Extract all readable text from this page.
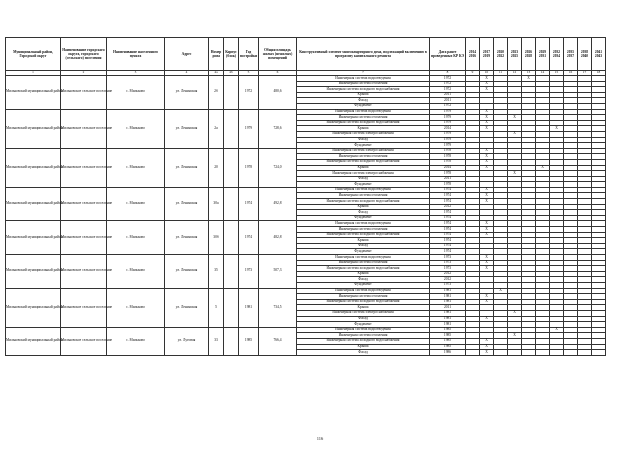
Муниципальный район, Городской округ	Наименование городского округа, городского (сельского) поселения	Наименование населенного пункта	Адрес	Номер дома	Корпус (блок)	Год постройки	Общая площадь жилых (нежилых) помещений	Конструктивный элемент многоквартирного дома, подлежащий включению в программу капитального ремонта	Дата ранее проведенных КР КЭ	2014 2016	2017 2019	2020 2022	2023 2025	2026 2028	2029 2031	2032 2034	2035 2037	2038 2040	2041 2043
1	2	3	4	4а	4б	5	6	7	8	9	10	11	12	13	14	15	16	17	18
Мильковский муниципальный район	Мильковское сельское поселение	с. Мильково	ул. Ленинская	2б		1972	480,6	Инженерная система водоотведения	1972		X			X					
								Инженерная система отопления	1972		X								
								Инженерная система холодного водоснабжения	1972		X								
								Крыша	2011										
								Фасад	2011										
								Фундамент	1972										
Мильковский муниципальный район	Мильковское сельское поселение	с. Мильково	ул. Ленинская	2а		1979	728,6	Инженерная система водоотведения	1979		X								
								Инженерная система отопления	1979		X		X						
								Инженерная система холодного водоснабжения	1979		X								
								Крыша	2014		X					X			
								Инженерная система электроснабжения	1979				X						
								Фасад	1979										
								Фундамент	1979										
Мильковский муниципальный район	Мильковское сельское поселение	с. Мильково	ул. Ленинская	20		1978	724,0	Инженерная система электроснабжения	1978		X								
								Инженерная система отопления	1978		X								
								Инженерная система холодного водоснабжения	1978		X								
								Крыша	2014		X				X				
								Инженерная система электроснабжения	1978				X						
								Фасад	2011										
								Фундамент	1978										
Мильковский муниципальный район	Мильковское сельское поселение	с. Мильково	ул. Ленинская	30а		1974	492,8	Инженерная система водоотведения	1974		X								
								Инженерная система отопления	1974		X								
								Инженерная система холодного водоснабжения	1974		X								
								Крыша	2012										
								Фасад	1974										
								Фундамент	1974										
Мильковский муниципальный район	Мильковское сельское поселение	с. Мильково	ул. Ленинская	30б		1974	482,8	Инженерная система водоотведения	1974		X								
								Инженерная система отопления	1974		X								
								Инженерная система холодного водоснабжения	1974		X								
								Крыша	1974										
								Фасад	1974										
								Фундамент	1974										
Мильковский муниципальный район	Мильковское сельское поселение	с. Мильково	ул. Ленинская	35		1973	507,3	Инженерная система водоотведения	1973		X								
								Инженерная система отопления	1973		X								
								Инженерная система холодного водоснабжения	1973		X								
								Крыша	2012										
								Фасад	2012										
								Фундамент	1973										
Мильковский муниципальный район	Мильковское сельское поселение	с. Мильково	ул. Ленинская	5		1981	734,5	Инженерная система водоотведения	1981			X							
								Инженерная система отопления	1981		X								
								Инженерная система холодного водоснабжения	1981		X								
								Крыша	2011										
								Инженерная система электроснабжения	1981				X						
								Фасад	1981		X								
								Фундамент	1981										
Мильковский муниципальный район	Мильковское сельское поселение	с. Мильково	ул. Луговая	33		1985	766,4	Инженерная система водоотведения	1985							X			
								Инженерная система отопления	1985				X						
								Инженерная система холодного водоснабжения	1985		X								
								Крыша	1985		X								
								Фасад	1986		X								
116
